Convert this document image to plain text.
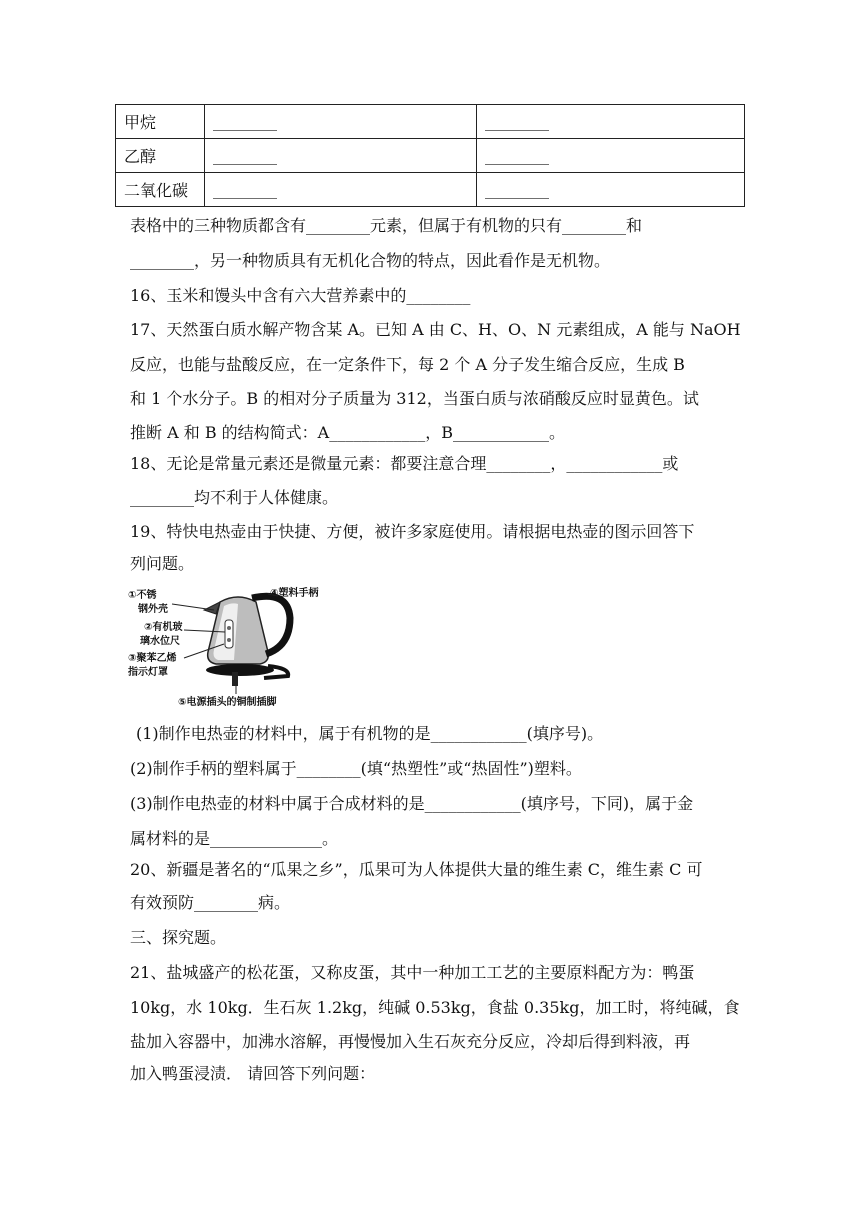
甲烷	________	________
乙醇	________	________
二氧化碳	________	________
表格中的三种物质都含有________元素，但属于有机物的只有________和
________，另一种物质具有无机化合物的特点，因此看作是无机物。
16、玉米和馒头中含有六大营养素中的________
17、天然蛋白质水解产物含某 A。已知 A 由 C、H、O、N 元素组成，A 能与 NaOH
反应，也能与盐酸反应，在一定条件下，每 2 个 A 分子发生缩合反应，生成 B
和 1 个水分子。B 的相对分子质量为 312，当蛋白质与浓硝酸反应时显黄色。试
推断 A 和 B 的结构简式：A____________，B____________。
18、无论是常量元素还是微量元素：都要注意合理________，____________或
________均不利于人体健康。
19、特快电热壶由于快捷、方便，被许多家庭使用。请根据电热壶的图示回答下
列问题。
①不锈
钢外壳
②有机玻
璃水位尺
③聚苯乙烯
指示灯罩
④塑料手柄
⑤电源插头的铜制插脚
(1)制作电热壶的材料中，属于有机物的是____________(填序号)。
(2)制作手柄的塑料属于________(填“热塑性”或“热固性”)塑料。
(3)制作电热壶的材料中属于合成材料的是____________(填序号，下同)，属于金
属材料的是______________。
20、新疆是著名的“瓜果之乡”，瓜果可为人体提供大量的维生素 C，维生素 C 可
有效预防________病。
三、探究题。
21、盐城盛产的松花蛋，又称皮蛋，其中一种加工工艺的主要原料配方为：鸭蛋
10kg，水 10kg．生石灰 1.2kg，纯碱 0.53kg，食盐 0.35kg，加工时，将纯碱，食
盐加入容器中，加沸水溶解，再慢慢加入生石灰充分反应，冷却后得到料液，再
加入鸭蛋浸渍． 请回答下列问题：
